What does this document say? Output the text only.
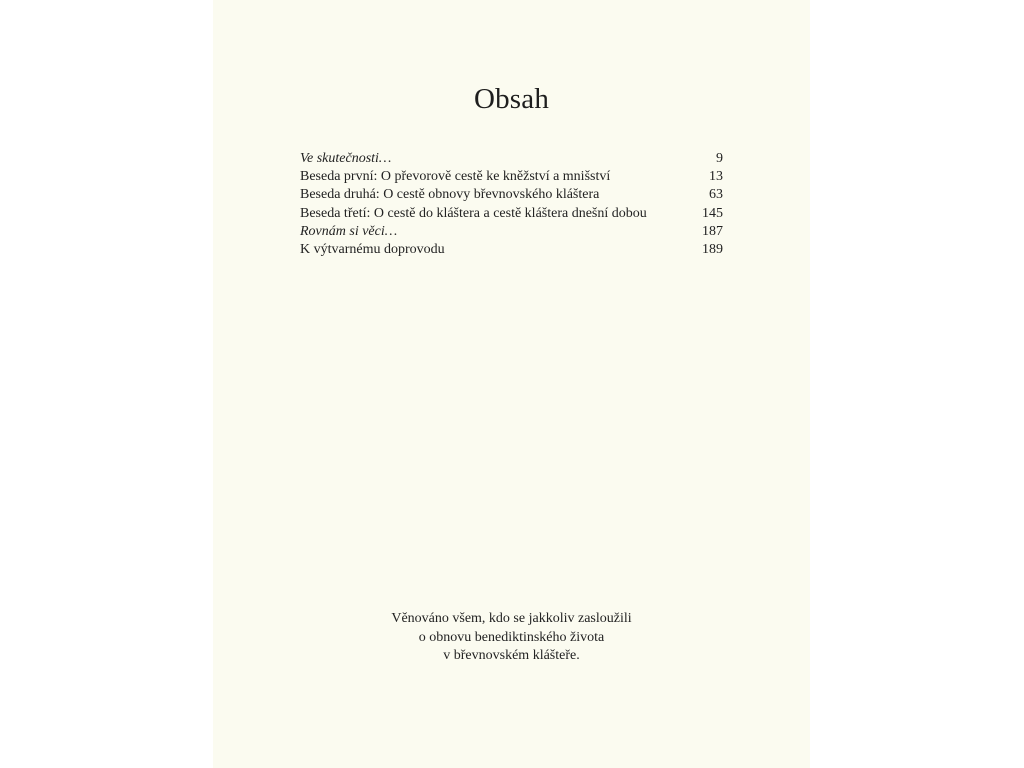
Obsah
Ve skutečnosti…	9
Beseda první: O převorově cestě ke kněžství a mnišství	13
Beseda druhá: O cestě obnovy břevnovského kláštera	63
Beseda třetí: O cestě do kláštera a cestě kláštera dnešní dobou	145
Rovnám si věci…	187
K výtvarnému doprovodu	189
Věnováno všem, kdo se jakkoliv zasloužili
o obnovu benediktinského života
v břevnovském klášteře.
